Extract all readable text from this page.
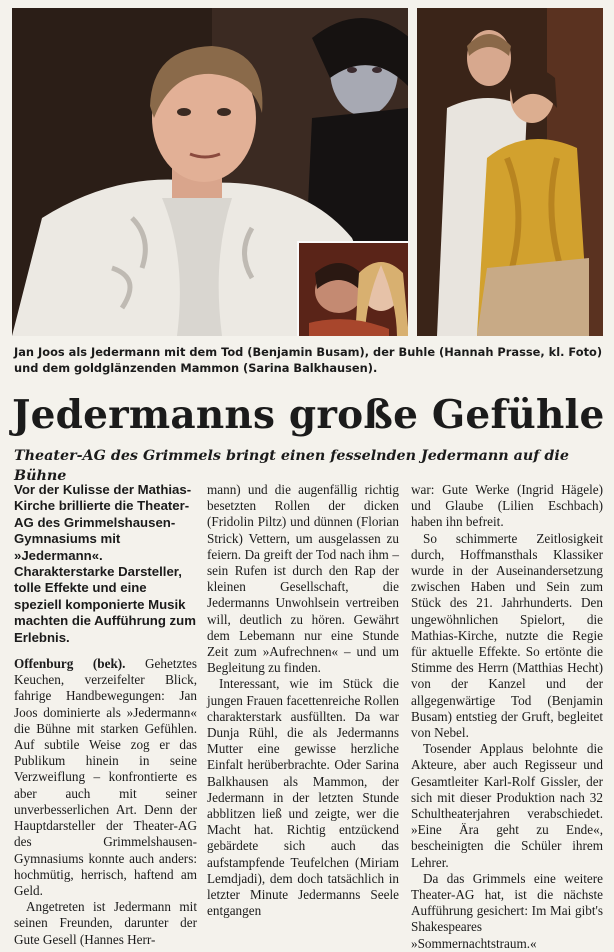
Jan Joos als Jedermann mit dem Tod (Benjamin Busam), der Buhle (Hannah Prasse, kl. Foto) und dem goldglänzenden Mammon (Sarina Balkhausen).

Jedermanns große Gefühle
Theater-AG des Grimmels bringt einen fesselnden Jedermann auf die Bühne

Vor der Kulisse der Mathias-Kirche brillierte die Theater-AG des Grimmelshausen-Gymnasiums mit »Jedermann«. Charakterstarke Darsteller, tolle Effekte und eine speziell komponierte Musik machten die Aufführung zum Erlebnis.

Offenburg (bek). Gehetztes Keuchen, verzeifelter Blick, fahrige Handbewegungen: Jan Joos dominierte als »Jedermann« die Bühne mit starken Gefühlen. Auf subtile Weise zog er das Publikum hinein in seine Verzweiflung – konfrontierte es aber auch mit seiner unverbesserlichen Art. Denn der Hauptdarsteller der Theater-AG des Grimmelshausen-Gymnasiums konnte auch anders: hochmütig, herrisch, haftend am Geld.

Angetreten ist Jedermann mit seinen Freunden, darunter der Gute Gesell (Hannes Herr-

mann) und die augenfällig richtig besetzten Rollen der dicken (Fridolin Piltz) und dünnen (Florian Strick) Vettern, um ausgelassen zu feiern. Da greift der Tod nach ihm – sein Rufen ist durch den Rap der kleinen Gesellschaft, die Jedermanns Unwohlsein vertreiben will, deutlich zu hören. Gewährt dem Lebemann nur eine Stunde Zeit zum »Aufrechnen« – und um Begleitung zu finden.

Interessant, wie im Stück die jungen Frauen facettenreiche Rollen charakterstark ausfüllten. Da war Dunja Rühl, die als Jedermanns Mutter eine gewisse herzliche Einfalt herüberbrachte. Oder Sarina Balkhausen als Mammon, der Jedermann in der letzten Stunde abblitzen ließ und zeigte, wer die Macht hat. Richtig entzückend gebärdete sich auch das aufstampfende Teufelchen (Miriam Lemdjadi), dem doch tatsächlich in letzter Minute Jedermanns Seele entgangen

war: Gute Werke (Ingrid Hägele) und Glaube (Lilien Eschbach) haben ihn befreit.

So schimmerte Zeitlosigkeit durch, Hoffmansthals Klassiker wurde in der Auseinandersetzung zwischen Haben und Sein zum Stück des 21. Jahrhunderts. Den ungewöhnlichen Spielort, die Mathias-Kirche, nutzte die Regie für aktuelle Effekte. So ertönte die Stimme des Herrn (Matthias Hecht) von der Kanzel und der allgegenwärtige Tod (Benjamin Busam) entstieg der Gruft, begleitet von Nebel.

Tosender Applaus belohnte die Akteure, aber auch Regisseur und Gesamtleiter Karl-Rolf Gissler, der sich mit dieser Produktion nach 32 Schultheaterjahren verabschiedet. »Eine Ära geht zu Ende«, bescheinigten die Schüler ihrem Lehrer.

Da das Grimmels eine weitere Theater-AG hat, ist die nächste Aufführung gesichert: Im Mai gibt's Shakespeares »Sommernachtstraum.«
